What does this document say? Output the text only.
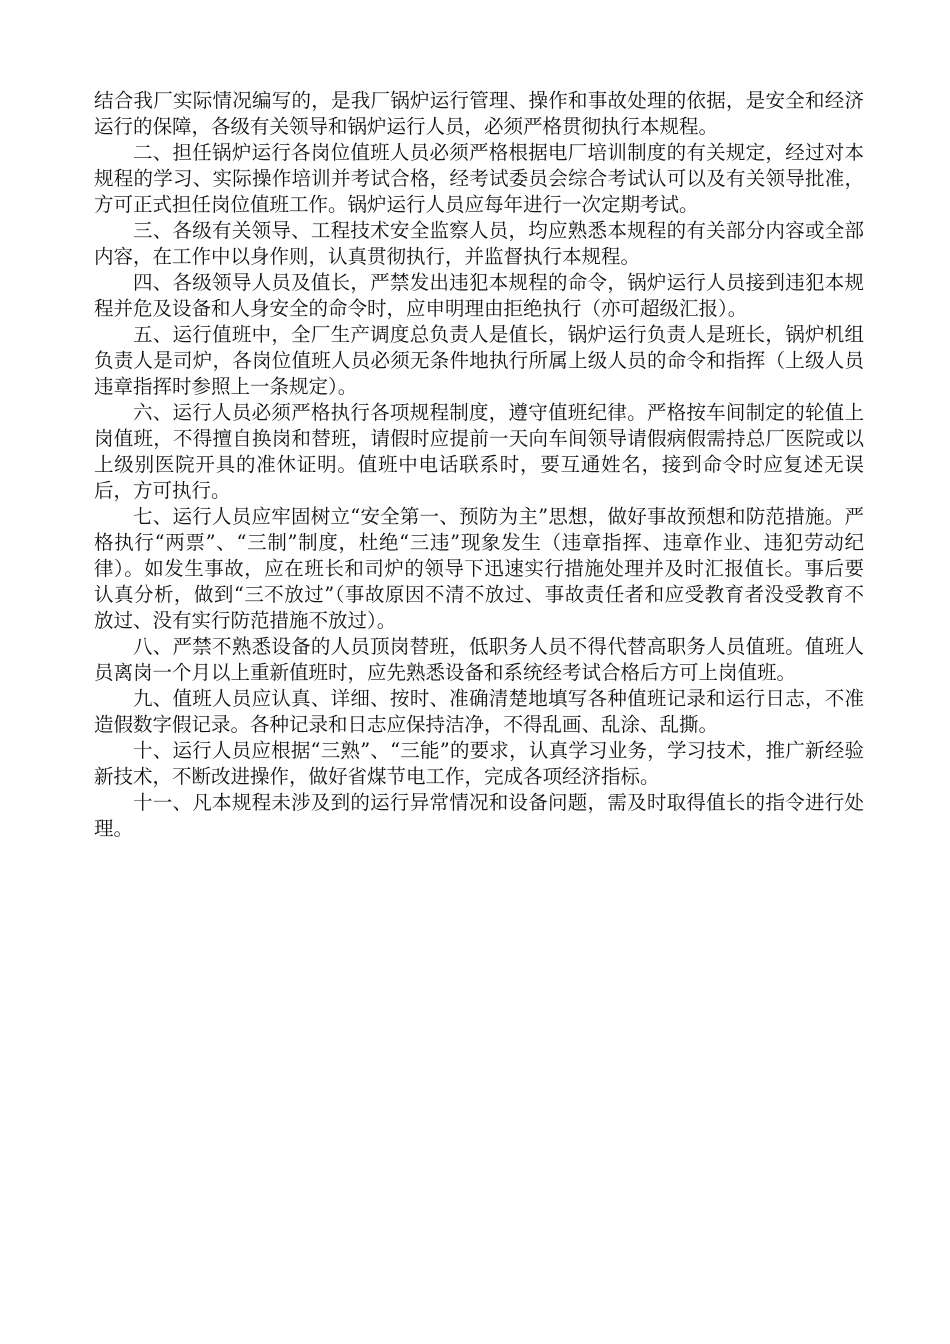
结合我厂实际情况编写的，是我厂锅炉运行管理、操作和事故处理的依据，是安全和经济运行的保障，各级有关领导和锅炉运行人员，必须严格贯彻执行本规程。

二、担任锅炉运行各岗位值班人员必须严格根据电厂培训制度的有关规定，经过对本规程的学习、实际操作培训并考试合格，经考试委员会综合考试认可以及有关领导批准，方可正式担任岗位值班工作。锅炉运行人员应每年进行一次定期考试。

三、各级有关领导、工程技术安全监察人员，均应熟悉本规程的有关部分内容或全部内容，在工作中以身作则，认真贯彻执行，并监督执行本规程。

四、各级领导人员及值长，严禁发出违犯本规程的命令，锅炉运行人员接到违犯本规程并危及设备和人身安全的命令时，应申明理由拒绝执行（亦可超级汇报）。

五、运行值班中，全厂生产调度总负责人是值长，锅炉运行负责人是班长，锅炉机组负责人是司炉，各岗位值班人员必须无条件地执行所属上级人员的命令和指挥（上级人员违章指挥时参照上一条规定）。

六、运行人员必须严格执行各项规程制度，遵守值班纪律。严格按车间制定的轮值上岗值班，不得擅自换岗和替班，请假时应提前一天向车间领导请假病假需持总厂医院或以上级别医院开具的准休证明。值班中电话联系时，要互通姓名，接到命令时应复述无误后，方可执行。

七、运行人员应牢固树立“安全第一、预防为主”思想，做好事故预想和防范措施。严格执行“两票”、“三制”制度，杜绝“三违”现象发生（违章指挥、违章作业、违犯劳动纪律）。如发生事故，应在班长和司炉的领导下迅速实行措施处理并及时汇报值长。事后要认真分析，做到“三不放过”（事故原因不清不放过、事故责任者和应受教育者没受教育不放过、没有实行防范措施不放过）。

八、严禁不熟悉设备的人员顶岗替班，低职务人员不得代替高职务人员值班。值班人员离岗一个月以上重新值班时，应先熟悉设备和系统经考试合格后方可上岗值班。

九、值班人员应认真、详细、按时、准确清楚地填写各种值班记录和运行日志，不准造假数字假记录。各种记录和日志应保持洁净，不得乱画、乱涂、乱撕。

十、运行人员应根据“三熟”、“三能”的要求，认真学习业务，学习技术，推广新经验新技术，不断改进操作，做好省煤节电工作，完成各项经济指标。

十一、凡本规程未涉及到的运行异常情况和设备问题，需及时取得值长的指令进行处理。
